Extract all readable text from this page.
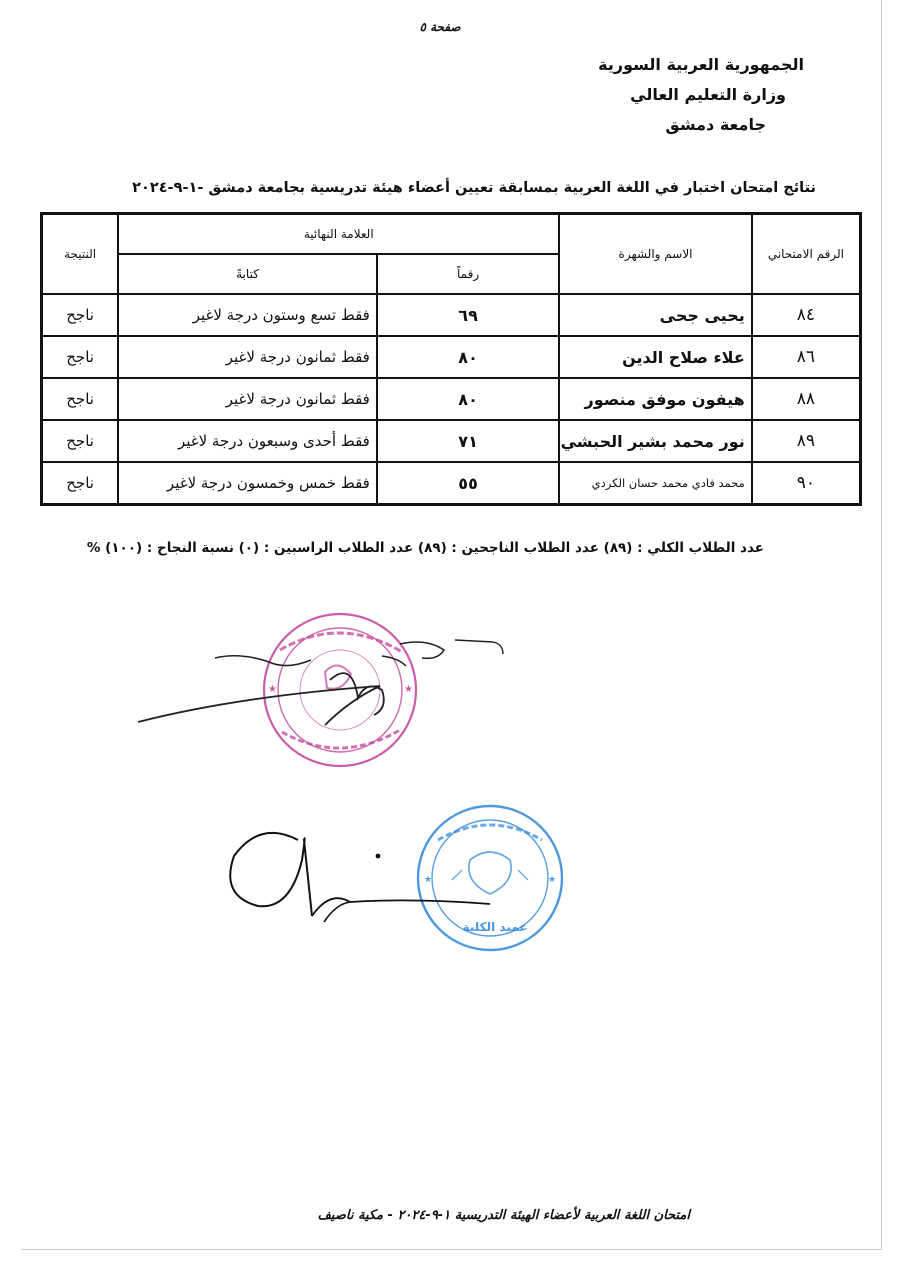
صفحة ٥
الجمهورية العربية السورية
وزارة التعليم العالي
جامعة دمشق
نتائج امتحان اختبار في اللغة العربية بمسابقة تعيين أعضاء هيئة تدريسية بجامعة دمشق -١-٩-٢٠٢٤
الرقم الامتحاني	الاسم والشهرة	العلامة النهائية		النتيجة
		رقماً	كتابةً	
٨٤	يحيى جحى	٦٩	فقط تسع وستون درجة لاغير	ناجح
٨٦	علاء صلاح الدين	٨٠	فقط ثمانون درجة لاغير	ناجح
٨٨	هيفون موفق منصور	٨٠	فقط ثمانون درجة لاغير	ناجح
٨٩	نور محمد بشير الحبشي	٧١	فقط أحدى وسبعون درجة لاغير	ناجح
٩٠	محمد فادي محمد حسان الكردي	٥٥	فقط خمس وخمسون درجة لاغير	ناجح
عدد الطلاب الكلي : (٨٩) عدد الطلاب الناجحين : (٨٩) عدد الطلاب الراسبين : (٠) نسبة النجاح : (١٠٠) %
★	★
★	★
عميد الكلية
امتحان اللغة العربية لأعضاء الهيئة التدريسية ١-٩-٢٠٢٤ - مكية ناصيف
